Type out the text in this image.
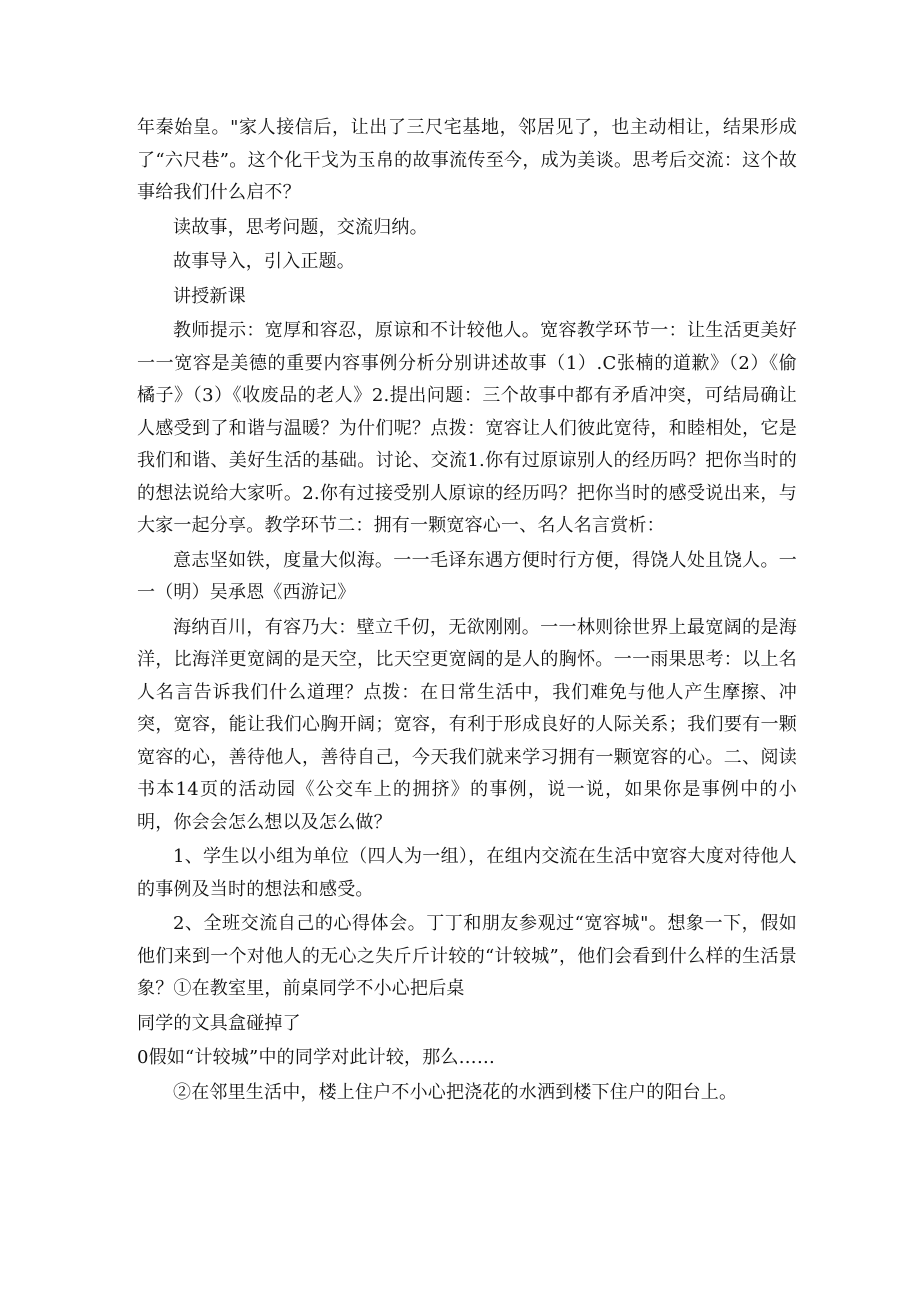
年秦始皇。"家人接信后，让出了三尺宅基地，邻居见了，也主动相让，结果形成了“六尺巷”。这个化干戈为玉帛的故事流传至今，成为美谈。思考后交流：这个故事给我们什么启不？

读故事，思考问题，交流归纳。

故事导入，引入正题。

讲授新课

教师提示：宽厚和容忍，原谅和不计较他人。宽容教学环节一：让生活更美好一一宽容是美德的重要内容事例分析分别讲述故事（1）.C张楠的道歉》（2）《偷橘子》（3）《收废品的老人》2.提出问题：三个故事中都有矛盾冲突，可结局确让人感受到了和谐与温暖？为什们呢？点拨：宽容让人们彼此宽待，和睦相处，它是我们和谐、美好生活的基础。讨论、交流1.你有过原谅别人的经历吗？把你当时的的想法说给大家听。2.你有过接受别人原谅的经历吗？把你当时的感受说出来，与大家一起分享。教学环节二：拥有一颗宽容心一、名人名言赏析：

意志坚如铁，度量大似海。一一毛译东遇方便时行方便，得饶人处且饶人。一一（明）吴承恩《西游记》

海纳百川，有容乃大：壁立千仞，无欲刚刚。一一林则徐世界上最宽阔的是海洋，比海洋更宽阔的是天空，比天空更宽阔的是人的胸怀。一一雨果思考：以上名人名言告诉我们什么道理？点拨：在日常生活中，我们难免与他人产生摩擦、冲突，宽容，能让我们心胸开阔；宽容，有利于形成良好的人际关系；我们要有一颗宽容的心，善待他人，善待自己，今天我们就来学习拥有一颗宽容的心。二、阅读书本14页的活动园《公交车上的拥挤》的事例，说一说，如果你是事例中的小明，你会会怎么想以及怎么做？

1、学生以小组为单位（四人为一组），在组内交流在生活中宽容大度对待他人的事例及当时的想法和感受。

2、全班交流自己的心得体会。丁丁和朋友参观过“宽容城"。想象一下，假如他们来到一个对他人的无心之失斤斤计较的“计较城”，他们会看到什么样的生活景象？①在教室里，前桌同学不小心把后桌

同学的文具盒碰掉了

0假如“计较城”中的同学对此计较，那么……

②在邻里生活中，楼上住户不小心把浇花的水洒到楼下住户的阳台上。
